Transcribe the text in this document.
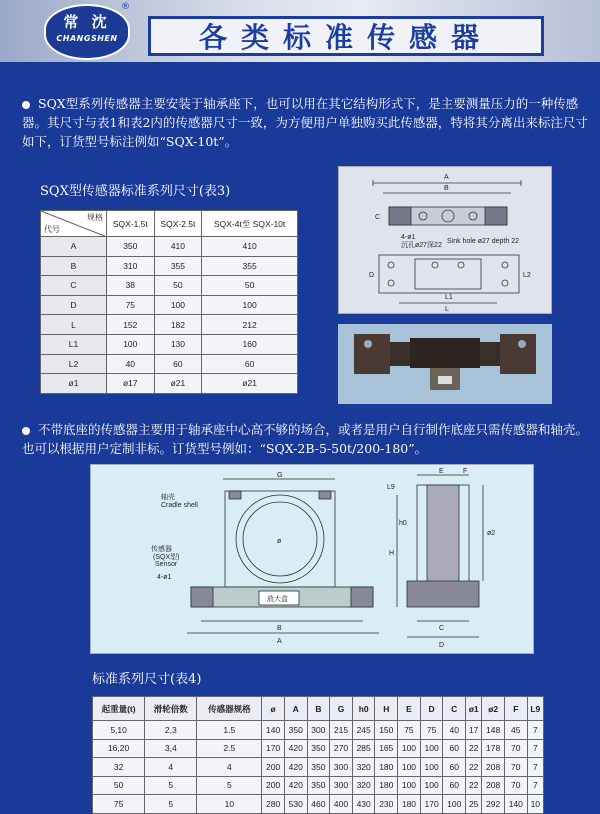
常 沈
CHANGSHEN
®
各类标准传感器
SQX型系列传感器主要安装于轴承座下，也可以用在其它结构形式下，是主要测量压力的一种传感器。其尺寸与表1和表2内的传感器尺寸一致，为方便用户单独购买此传感器，特将其分离出来标注尺寸如下，订货型号标注例如“SQX-10t”。
SQX型传感器标准系列尺寸(表3)
规格
代号	SQX-1.5t	SQX-2.5t	SQX-4t至 SQX-10t
A	350	410	410
B	310	355	355
C	38	50	50
D	75	100	100
L	152	182	212
L1	100	130	160
L2	40	60	60
ø1	ø17	ø21	ø21
A
B
C
D
L
L1
L2
4-ø1
沉孔ø27深22
Sink hole ø27 depth 22
不带底座的传感器主要用于轴承座中心高不够的场合，或者是用户自行制作底座只需传感器和轴壳。也可以根据用户定制非标。订货型号例如：“SQX-2B-5-50t/200-180”。
G
ø
B
A
轴壳
Cradle shell
传感器
(SQX型)
Sensor
4-ø1
放大盒
L9
E	F
C
D
H
h0
ø2
标准系列尺寸(表4)
起重量(t)	滑轮倍数	传感器规格	ø	A	B	G	h0	H	E	D	C	ø1	ø2	F	L9
5,10	2,3	1.5	140	350	300	215	245	150	75	75	40	17	148	45	7
16,20	3,4	2.5	170	420	350	270	285	165	100	100	60	22	178	70	7
32	4	4	200	420	350	300	320	180	100	100	60	22	208	70	7
50	5	5	200	420	350	300	320	180	100	100	60	22	208	70	7
75	5	10	280	530	460	400	430	230	180	170	100	25	292	140	10
